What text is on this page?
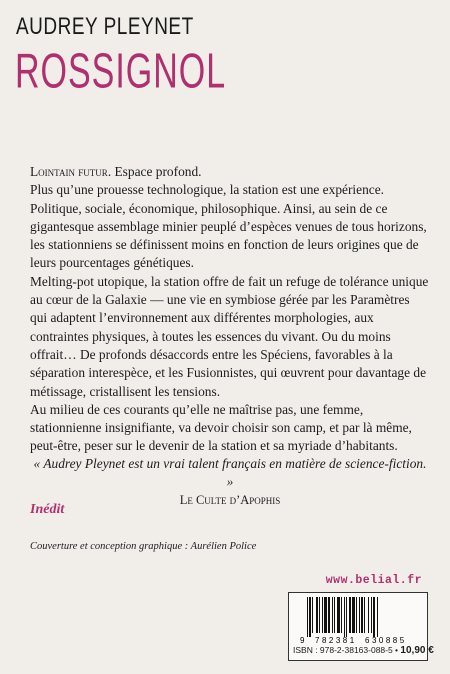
AUDREY PLEYNET
ROSSIGNOL

Lointain futur. Espace profond.

Plus qu’une prouesse technologique, la station est une expérience. Politique, sociale, économique, philosophique. Ainsi, au sein de ce gigantesque assemblage minier peuplé d’espèces venues de tous horizons, les stationniens se définissent moins en fonction de leurs origines que de leurs pourcentages génétiques.

Melting-pot utopique, la station offre de fait un refuge de tolérance unique au cœur de la Galaxie — une vie en symbiose gérée par les Paramètres qui adaptent l’environnement aux différentes morphologies, aux contraintes physiques, à toutes les essences du vivant. Ou du moins offrait… De profonds désaccords entre les Spéciens, favorables à la séparation interespèce, et les Fusionnistes, qui œuvrent pour davantage de métissage, cristallisent les tensions.

Au milieu de ces courants qu’elle ne maîtrise pas, une femme, stationnienne insignifiante, va devoir choisir son camp, et par là même, peut-être, peser sur le devenir de la station et sa myriade d’habitants.

« Audrey Pleynet est un vrai talent français en matière de science-fiction. »
Le Culte d’Apophis
Inédit
Couverture et conception graphique : Aurélien Police
www.belial.fr
9 782381 630885
ISBN : 978-2-38163-088-5 • 10,90 €
